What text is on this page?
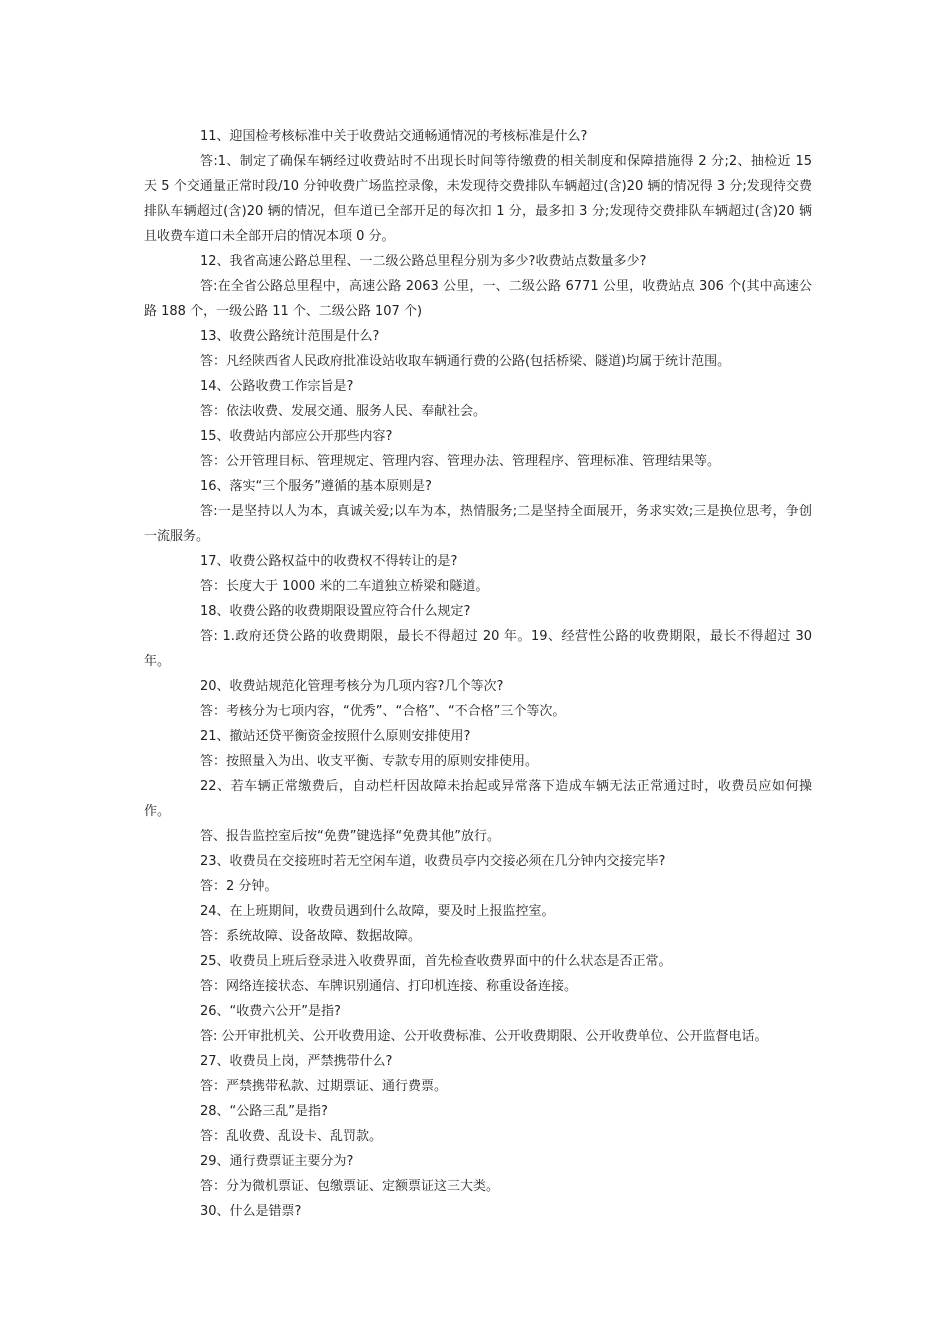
11、迎国检考核标准中关于收费站交通畅通情况的考核标准是什么?

答:1、制定了确保车辆经过收费站时不出现长时间等待缴费的相关制度和保障措施得 2 分;2、抽检近 15 天 5 个交通量正常时段/10 分钟收费广场监控录像，未发现待交费排队车辆超过(含)20 辆的情况得 3 分;发现待交费排队车辆超过(含)20 辆的情况，但车道已全部开足的每次扣 1 分，最多扣 3 分;发现待交费排队车辆超过(含)20 辆且收费车道口未全部开启的情况本项 0 分。

12、我省高速公路总里程、一二级公路总里程分别为多少?收费站点数量多少?

答:在全省公路总里程中，高速公路 2063 公里，一、二级公路 6771 公里，收费站点 306 个(其中高速公路 188 个，一级公路 11 个、二级公路 107 个)

13、收费公路统计范围是什么?

答：凡经陕西省人民政府批准设站收取车辆通行费的公路(包括桥梁、隧道)均属于统计范围。

14、公路收费工作宗旨是?

答：依法收费、发展交通、服务人民、奉献社会。

15、收费站内部应公开那些内容?

答：公开管理目标、管理规定、管理内容、管理办法、管理程序、管理标准、管理结果等。

16、落实“三个服务”遵循的基本原则是?

答:一是坚持以人为本，真诚关爱;以车为本，热情服务;二是坚持全面展开，务求实效;三是换位思考，争创一流服务。

17、收费公路权益中的收费权不得转让的是?

答：长度大于 1000 米的二车道独立桥梁和隧道。

18、收费公路的收费期限设置应符合什么规定?

答: 1.政府还贷公路的收费期限，最长不得超过 20 年。19、经营性公路的收费期限，最长不得超过 30 年。

20、收费站规范化管理考核分为几项内容?几个等次?

答：考核分为七项内容，“优秀”、“合格”、“不合格”三个等次。

21、撤站还贷平衡资金按照什么原则安排使用?

答：按照量入为出、收支平衡、专款专用的原则安排使用。

22、若车辆正常缴费后，自动栏杆因故障未抬起或异常落下造成车辆无法正常通过时，收费员应如何操作。

答、报告监控室后按“免费”键选择“免费其他”放行。

23、收费员在交接班时若无空闲车道，收费员亭内交接必须在几分钟内交接完毕?

答：2 分钟。

24、在上班期间，收费员遇到什么故障，要及时上报监控室。

答：系统故障、设备故障、数据故障。

25、收费员上班后登录进入收费界面，首先检查收费界面中的什么状态是否正常。

答：网络连接状态、车牌识别通信、打印机连接、称重设备连接。

26、“收费六公开”是指?

答: 公开审批机关、公开收费用途、公开收费标准、公开收费期限、公开收费单位、公开监督电话。

27、收费员上岗，严禁携带什么?

答：严禁携带私款、过期票证、通行费票。

28、“公路三乱”是指?

答：乱收费、乱设卡、乱罚款。

29、通行费票证主要分为?

答：分为微机票证、包缴票证、定额票证这三大类。

30、什么是错票?
